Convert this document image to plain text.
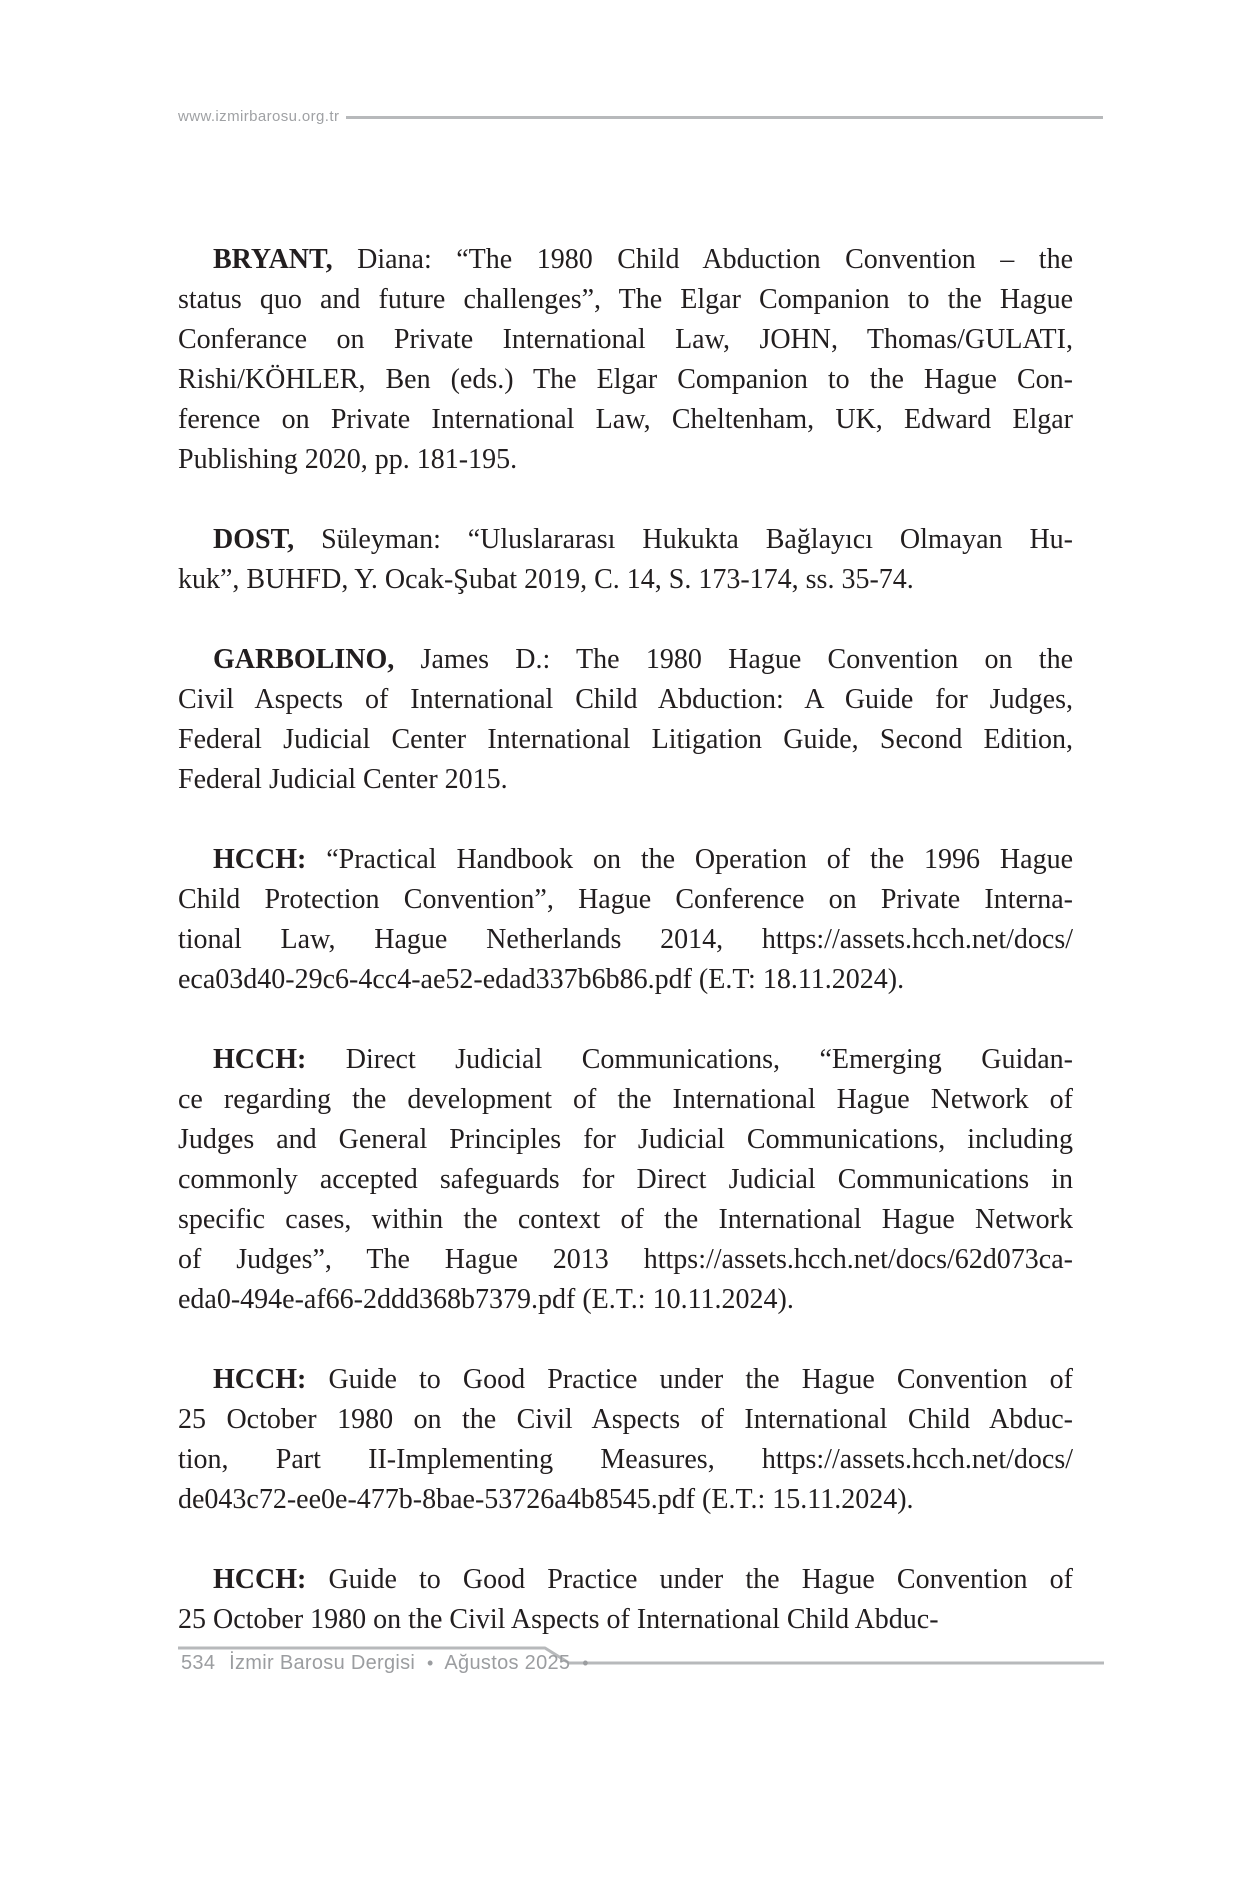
www.izmirbarosu.org.tr
BRYANT, Diana: “The 1980 Child Abduction Convention – the
status quo and future challenges”, The Elgar Companion to the Hague
Conferance on Private International Law, JOHN, Thomas/GULATI,
Rishi/KÖHLER, Ben (eds.) The Elgar Companion to the Hague Con-
ference on Private International Law, Cheltenham, UK, Edward Elgar
Publishing 2020, pp. 181-195.
DOST, Süleyman: “Uluslararası Hukukta Bağlayıcı Olmayan Hu-
kuk”, BUHFD, Y. Ocak-Şubat 2019, C. 14, S. 173-174, ss. 35-74.
GARBOLINO, James D.: The 1980 Hague Convention on the
Civil Aspects of International Child Abduction: A Guide for Judges,
Federal Judicial Center International Litigation Guide, Second Edition,
Federal Judicial Center 2015.
HCCH: “Practical Handbook on the Operation of the 1996 Hague
Child Protection Convention”, Hague Conference on Private Interna-
tional Law, Hague Netherlands 2014, https://assets.hcch.net/docs/
eca03d40-29c6-4cc4-ae52-edad337b6b86.pdf (E.T: 18.11.2024).
HCCH: Direct Judicial Communications, “Emerging Guidan-
ce regarding the development of the International Hague Network of
Judges and General Principles for Judicial Communications, including
commonly accepted safeguards for Direct Judicial Communications in
specific cases, within the context of the International Hague Network
of Judges”, The Hague 2013 https://assets.hcch.net/docs/62d073ca-
eda0-494e-af66-2ddd368b7379.pdf (E.T.: 10.11.2024).
HCCH: Guide to Good Practice under the Hague Convention of
25 October 1980 on the Civil Aspects of International Child Abduc-
tion, Part II-Implementing Measures, https://assets.hcch.net/docs/
de043c72-ee0e-477b-8bae-53726a4b8545.pdf (E.T.: 15.11.2024).
HCCH: Guide to Good Practice under the Hague Convention of
25 October 1980 on the Civil Aspects of International Child Abduc-
534 İzmir Barosu Dergisi • Ağustos 2025 •
